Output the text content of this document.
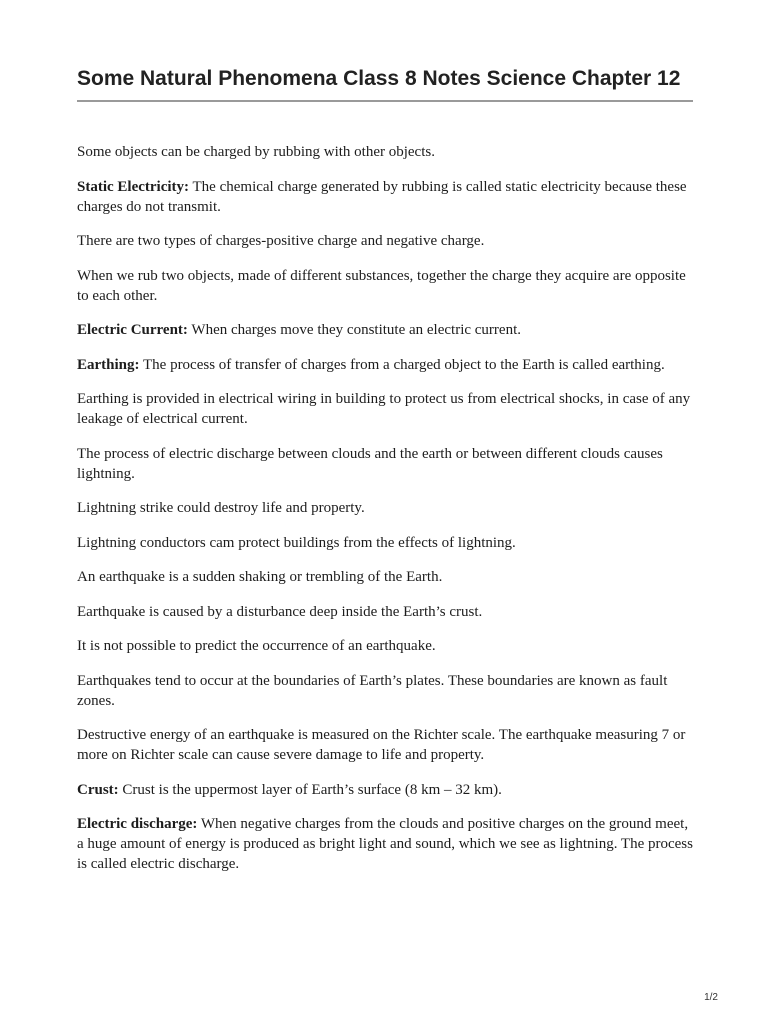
Some Natural Phenomena Class 8 Notes Science Chapter 12

Some objects can be charged by rubbing with other objects.

Static Electricity: The chemical charge generated by rubbing is called static electricity because these charges do not transmit.

There are two types of charges-positive charge and negative charge.

When we rub two objects, made of different substances, together the charge they acquire are opposite to each other.

Electric Current: When charges move they constitute an electric current.

Earthing: The process of transfer of charges from a charged object to the Earth is called earthing.

Earthing is provided in electrical wiring in building to protect us from electrical shocks, in case of any leakage of electrical current.

The process of electric discharge between clouds and the earth or between different clouds causes lightning.

Lightning strike could destroy life and property.

Lightning conductors cam protect buildings from the effects of lightning.

An earthquake is a sudden shaking or trembling of the Earth.

Earthquake is caused by a disturbance deep inside the Earth’s crust.

It is not possible to predict the occurrence of an earthquake.

Earthquakes tend to occur at the boundaries of Earth’s plates. These boundaries are known as fault zones.

Destructive energy of an earthquake is measured on the Richter scale. The earthquake measuring 7 or more on Richter scale can cause severe damage to life and property.

Crust: Crust is the uppermost layer of Earth’s surface (8 km – 32 km).

Electric discharge: When negative charges from the clouds and positive charges on the ground meet, a huge amount of energy is produced as bright light and sound, which we see as lightning. The process is called electric discharge.

1/2
